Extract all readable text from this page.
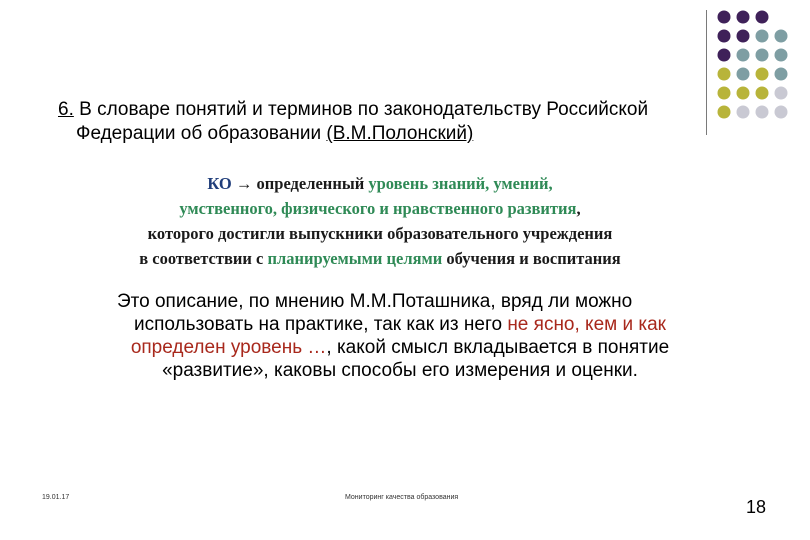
6. В словаре понятий и терминов по законодательству Российской
Федерации об образовании (В.М.Полонский)
КО → определенный уровень знаний, умений,
умственного, физического и нравственного развития,
которого достигли выпускники образовательного учреждения
в соответствии с планируемыми целями обучения и воспитания
Это описание, по мнению М.М.Поташника, вряд ли можно
использовать на практике, так как из него не ясно, кем и как
определен уровень …, какой смысл вкладывается в понятие
«развитие», каковы способы его измерения и оценки.
19.01.17	Мониторинг качества образования	18
